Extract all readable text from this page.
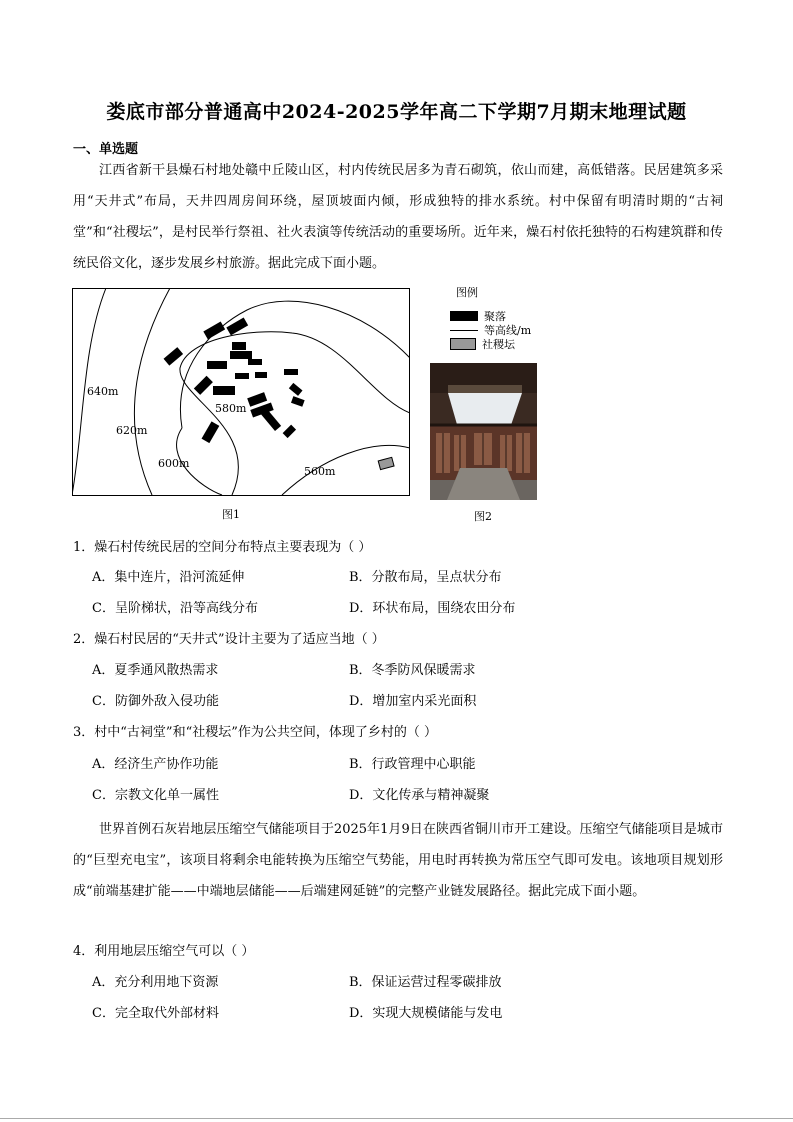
娄底市部分普通高中2024-2025学年高二下学期7月期末地理试题
一、单选题
江西省新干县燥石村地处赣中丘陵山区，村内传统民居多为青石砌筑，依山而建，高低错落。民居建筑多采用“天井式”布局，天井四周房间环绕，屋顶坡面内倾，形成独特的排水系统。村中保留有明清时期的“古祠堂”和“社稷坛”，是村民举行祭祖、社火表演等传统活动的重要场所。近年来，燥石村依托独特的石构建筑群和传统民俗文化，逐步发展乡村旅游。据此完成下面小题。
640m
620m
600m
580m
560m
图1
图例
聚落
等高线/m
社稷坛
图2
1．燥石村传统民居的空间分布特点主要表现为（ ）
A．集中连片，沿河流延伸	B．分散布局，呈点状分布
C．呈阶梯状，沿等高线分布	D．环状布局，围绕农田分布
2．燥石村民居的“天井式”设计主要为了适应当地（ ）
A．夏季通风散热需求	B．冬季防风保暖需求
C．防御外敌入侵功能	D．增加室内采光面积
3．村中“古祠堂”和“社稷坛”作为公共空间，体现了乡村的（ ）
A．经济生产协作功能	B．行政管理中心职能
C．宗教文化单一属性	D．文化传承与精神凝聚
世界首例石灰岩地层压缩空气储能项目于2025年1月9日在陕西省铜川市开工建设。压缩空气储能项目是城市的“巨型充电宝”，该项目将剩余电能转换为压缩空气势能，用电时再转换为常压空气即可发电。该地项目规划形成“前端基建扩能——中端地层储能——后端建网延链”的完整产业链发展路径。据此完成下面小题。
4．利用地层压缩空气可以（ ）
A．充分利用地下资源	B．保证运营过程零碳排放
C．完全取代外部材料	D．实现大规模储能与发电
